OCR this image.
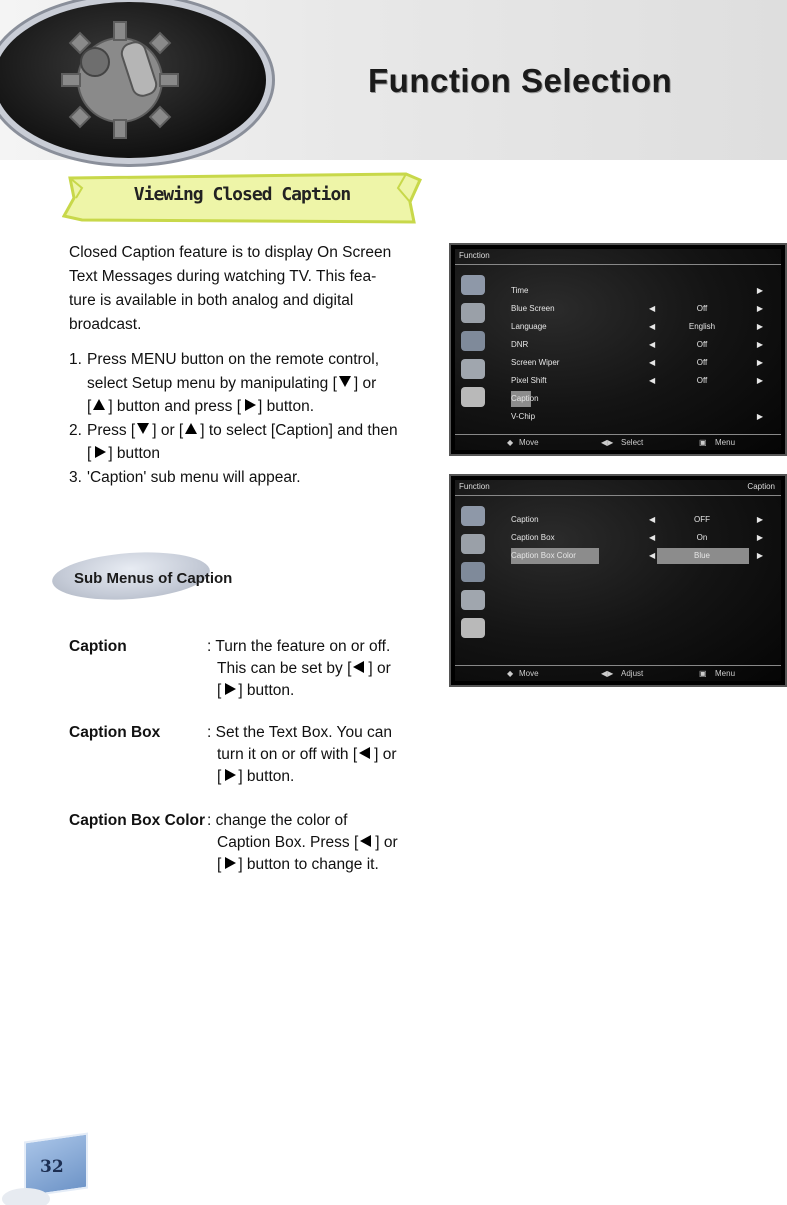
Function Selection
Viewing Closed Caption
Closed Caption feature is to display On Screen
Text Messages during watching TV. This fea-
ture is available in both analog and digital
broadcast.
1. Press MENU button on the remote control,
select Setup menu by manipulating [ ] or
[ ] button and press [ ] button.
2. Press [ ] or [ ] to select [Caption] and then
[ ] button
3. 'Caption' sub menu will appear.
Sub Menus of Caption
Caption	: Turn the feature on or off.
This can be set by [ ] or
[ ] button.
Caption Box	: Set the Text Box. You can
turn it on or off with [ ] or
[ ] button.
Caption Box Color : change the color of
Caption Box. Press [ ] or
[ ] button to change it.
Function
Time	▶
Blue Screen	◀	Off	▶
Language	◀	English	▶
DNR	◀	Off	▶
Screen Wiper	◀	Off	▶
Pixel Shift	◀	Off	▶
Caption
V-Chip	▶
◆ Move	◀▶ Select	▣ Menu
Function	Caption
Caption	◀	OFF	▶
Caption Box	◀	On	▶
Caption Box Color	◀	Blue	▶
◆ Move	◀▶ Adjust	▣ Menu
32
